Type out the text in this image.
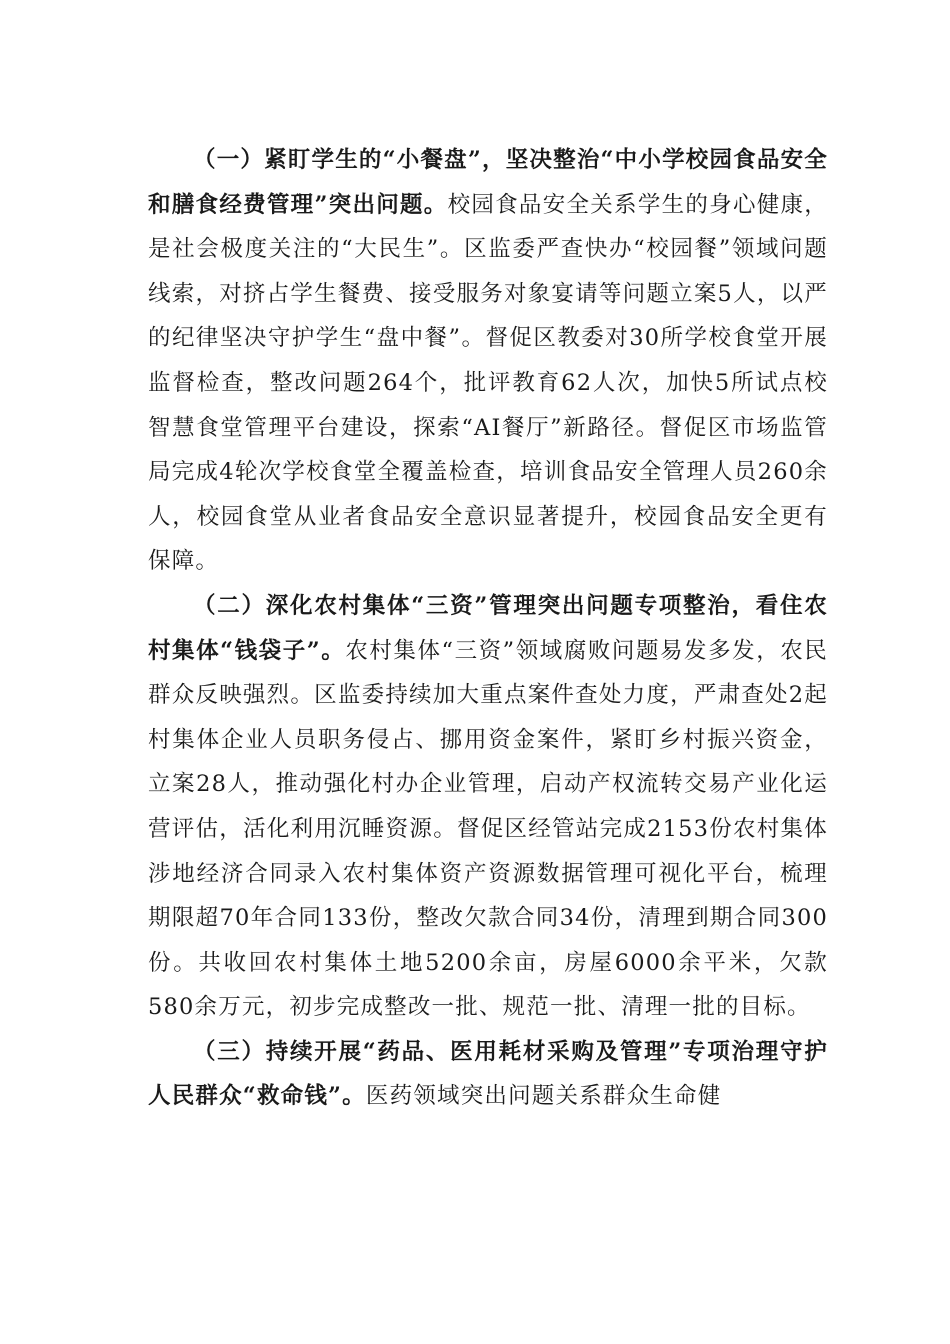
（一）紧盯学生的“小餐盘”，坚决整治“中小学校园食品安全和膳食经费管理”突出问题。校园食品安全关系学生的身心健康，是社会极度关注的“大民生”。区监委严查快办“校园餐”领域问题线索，对挤占学生餐费、接受服务对象宴请等问题立案5人，以严的纪律坚决守护学生“盘中餐”。督促区教委对30所学校食堂开展监督检查，整改问题264个，批评教育62人次，加快5所试点校智慧食堂管理平台建设，探索“AI餐厅”新路径。督促区市场监管局完成4轮次学校食堂全覆盖检查，培训食品安全管理人员260余人，校园食堂从业者食品安全意识显著提升，校园食品安全更有保障。

（二）深化农村集体“三资”管理突出问题专项整治，看住农村集体“钱袋子”。农村集体“三资”领域腐败问题易发多发，农民群众反映强烈。区监委持续加大重点案件查处力度，严肃查处2起村集体企业人员职务侵占、挪用资金案件，紧盯乡村振兴资金，立案28人，推动强化村办企业管理，启动产权流转交易产业化运营评估，活化利用沉睡资源。督促区经管站完成2153份农村集体涉地经济合同录入农村集体资产资源数据管理可视化平台，梳理期限超70年合同133份，整改欠款合同34份，清理到期合同300份。共收回农村集体土地5200余亩，房屋6000余平米，欠款580余万元，初步完成整改一批、规范一批、清理一批的目标。

（三）持续开展“药品、医用耗材采购及管理”专项治理守护人民群众“救命钱”。医药领域突出问题关系群众生命健
